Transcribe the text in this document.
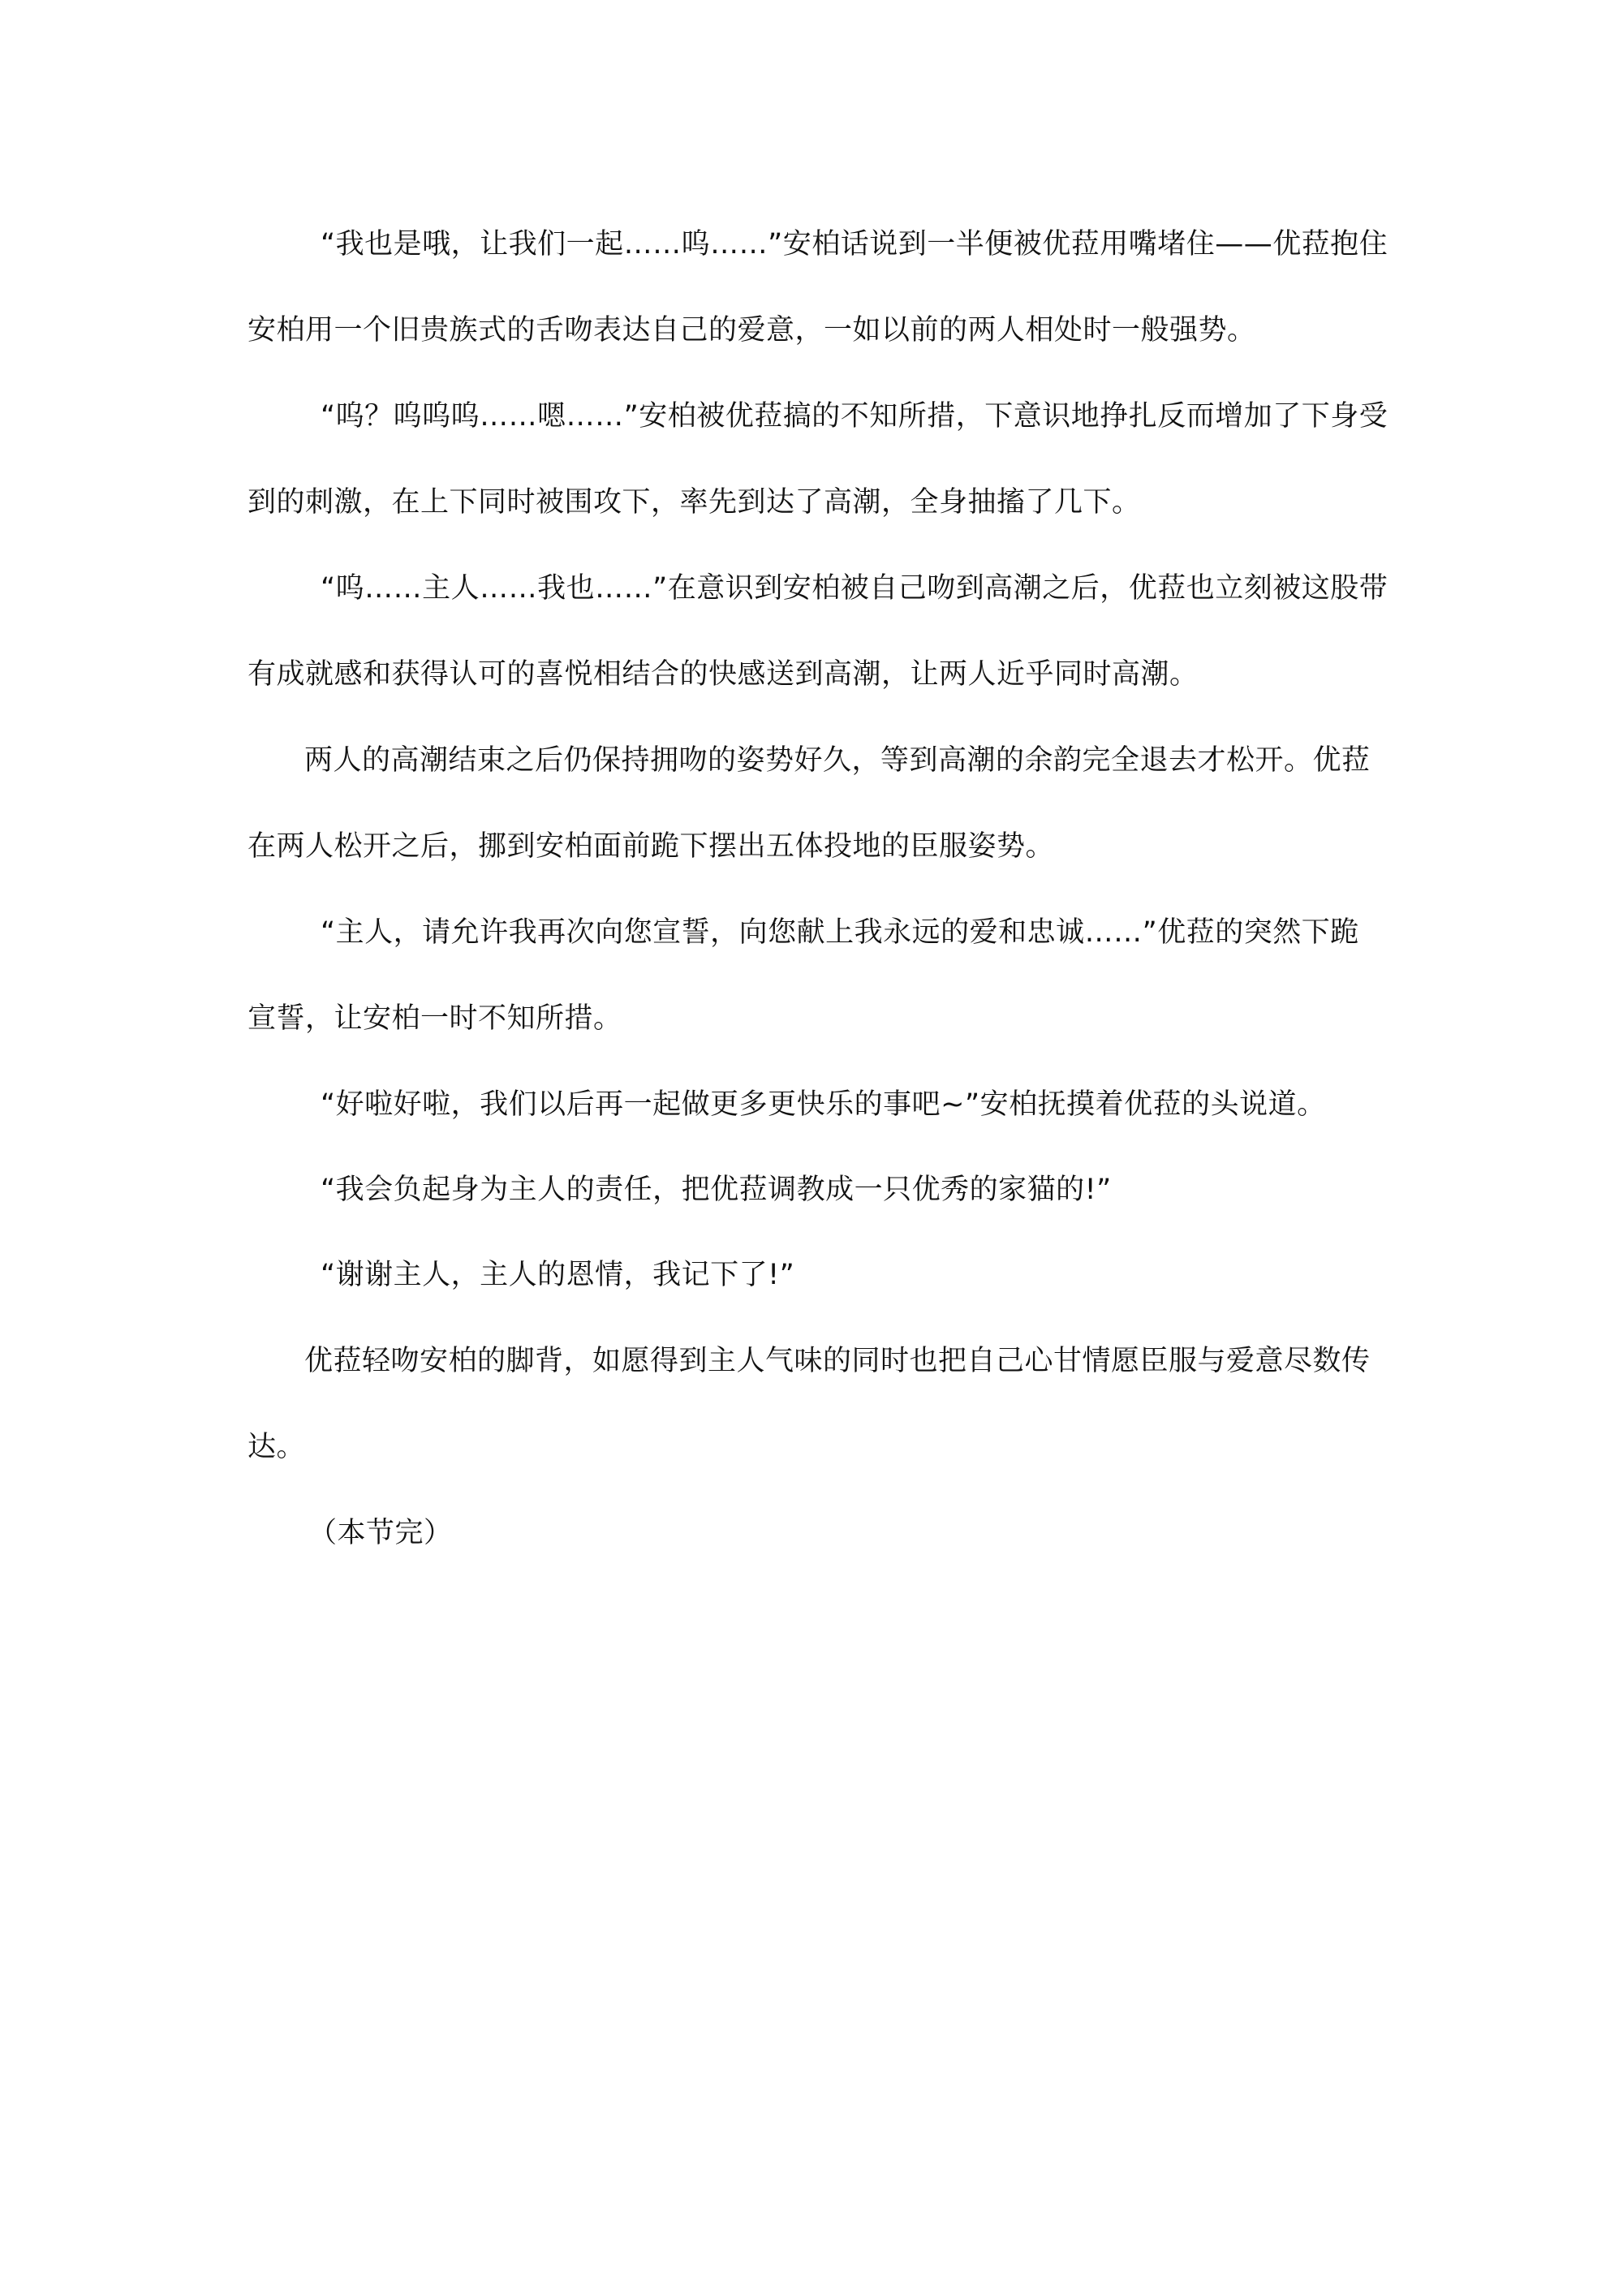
“我也是哦，让我们一起……呜……”安柏话说到一半便被优菈用嘴堵住——优菈抱住
安柏用一个旧贵族式的舌吻表达自己的爱意，一如以前的两人相处时一般强势。
“呜？呜呜呜……嗯……”安柏被优菈搞的不知所措，下意识地挣扎反而增加了下身受
到的刺激，在上下同时被围攻下，率先到达了高潮，全身抽搐了几下。
“呜……主人……我也……”在意识到安柏被自己吻到高潮之后，优菈也立刻被这股带
有成就感和获得认可的喜悦相结合的快感送到高潮，让两人近乎同时高潮。
两人的高潮结束之后仍保持拥吻的姿势好久，等到高潮的余韵完全退去才松开。优菈
在两人松开之后，挪到安柏面前跪下摆出五体投地的臣服姿势。
“主人，请允许我再次向您宣誓，向您献上我永远的爱和忠诚……”优菈的突然下跪
宣誓，让安柏一时不知所措。
“好啦好啦，我们以后再一起做更多更快乐的事吧~”安柏抚摸着优菈的头说道。
“我会负起身为主人的责任，把优菈调教成一只优秀的家猫的!”
“谢谢主人，主人的恩情，我记下了!”
优菈轻吻安柏的脚背，如愿得到主人气味的同时也把自己心甘情愿臣服与爱意尽数传
达。
（本节完）
